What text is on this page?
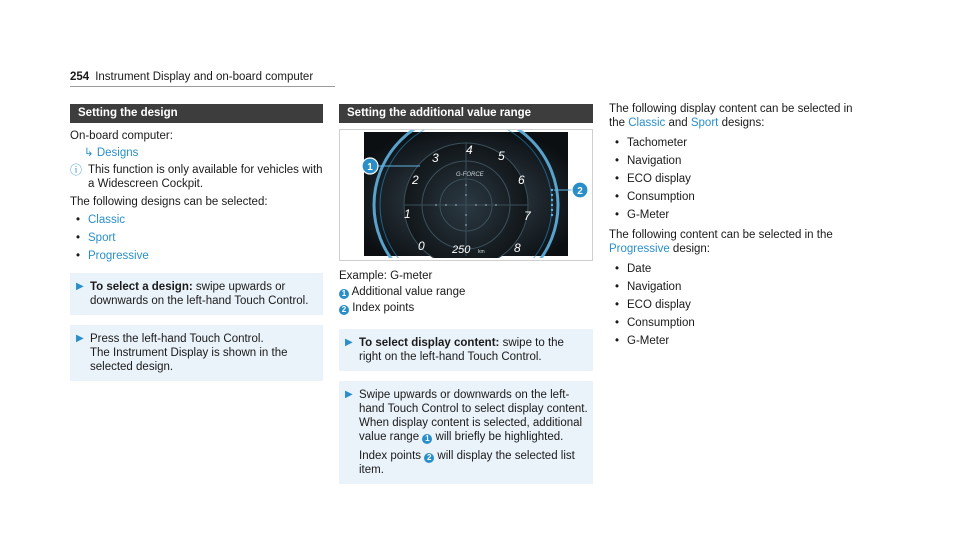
254 Instrument Display and on-board computer
Setting the design
On-board computer:
↳ Designs
ⓘ This function is only available for vehicles with a Widescreen Cockpit.
The following designs can be selected:
• Classic
• Sport
• Progressive
▶ To select a design: swipe upwards or downwards on the left-hand Touch Control.
▶ Press the left-hand Touch Control.
The Instrument Display is shown in the selected design.
Setting the additional value range
3
2
1
0
4 5
6
7
8
G-FORCE
250 km
1
2
Example: G-meter
1 Additional value range
2 Index points
▶ To select display content: swipe to the right on the left-hand Touch Control.
▶ Swipe upwards or downwards on the left-hand Touch Control to select display content. When display content is selected, additional value range 1 will briefly be highlighted.
Index points 2 will display the selected list item.
The following display content can be selected in the Classic and Sport designs:
• Tachometer
• Navigation
• ECO display
• Consumption
• G-Meter
The following content can be selected in the Progressive design:
• Date
• Navigation
• ECO display
• Consumption
• G-Meter
